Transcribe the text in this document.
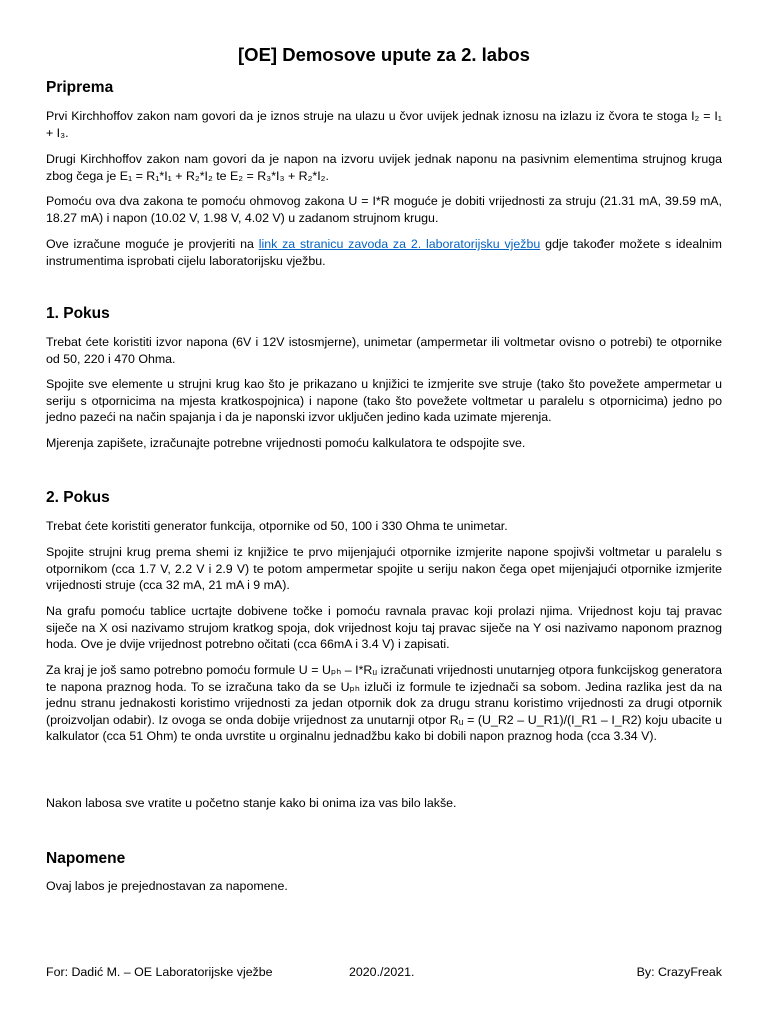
[OE] Demosove upute za 2. labos
Priprema

Prvi Kirchhoffov zakon nam govori da je iznos struje na ulazu u čvor uvijek jednak iznosu na izlazu iz čvora te stoga I₂ = I₁ + I₃.

Drugi Kirchhoffov zakon nam govori da je napon na izvoru uvijek jednak naponu na pasivnim elementima strujnog kruga zbog čega je E₁ = R₁*I₁ + R₂*I₂ te E₂ = R₃*I₃ + R₂*I₂.

Pomoću ova dva zakona te pomoću ohmovog zakona U = I*R moguće je dobiti vrijednosti za struju (21.31 mA, 39.59 mA, 18.27 mA) i napon (10.02 V, 1.98 V, 4.02 V) u zadanom strujnom krugu.

Ove izračune moguće je provjeriti na link za stranicu zavoda za 2. laboratorijsku vježbu gdje također možete s idealnim instrumentima isprobati cijelu laboratorijsku vježbu.

1. Pokus

Trebat ćete koristiti izvor napona (6V i 12V istosmjerne), unimetar (ampermetar ili voltmetar ovisno o potrebi) te otpornike od 50, 220 i 470 Ohma.

Spojite sve elemente u strujni krug kao što je prikazano u knjižici te izmjerite sve struje (tako što povežete ampermetar u seriju s otpornicima na mjesta kratkospojnica) i napone (tako što povežete voltmetar u paralelu s otpornicima) jedno po jedno pazeći na način spajanja i da je naponski izvor uključen jedino kada uzimate mjerenja.

Mjerenja zapišete, izračunajte potrebne vrijednosti pomoću kalkulatora te odspojite sve.

2. Pokus

Trebat ćete koristiti generator funkcija, otpornike od 50, 100 i 330 Ohma te unimetar.

Spojite strujni krug prema shemi iz knjižice te prvo mijenjajući otpornike izmjerite napone spojivši voltmetar u paralelu s otpornikom (cca 1.7 V, 2.2 V i 2.9 V) te potom ampermetar spojite u seriju nakon čega opet mijenjajući otpornike izmjerite vrijednosti struje (cca 32 mA, 21 mA i 9 mA).

Na grafu pomoću tablice ucrtajte dobivene točke i pomoću ravnala pravac koji prolazi njima. Vrijednost koju taj pravac siječe na X osi nazivamo strujom kratkog spoja, dok vrijednost koju taj pravac siječe na Y osi nazivamo naponom praznog hoda. Ove je dvije vrijednost potrebno očitati (cca 66mA i 3.4 V) i zapisati.

Za kraj je još samo potrebno pomoću formule U = Uₚₕ – I*Rᵤ izračunati vrijednosti unutarnjeg otpora funkcijskog generatora te napona praznog hoda. To se izračuna tako da se Uₚₕ izluči iz formule te izjednači sa sobom. Jedina razlika jest da na jednu stranu jednakosti koristimo vrijednosti za jedan otpornik dok za drugu stranu koristimo vrijednosti za drugi otpornik (proizvoljan odabir). Iz ovoga se onda dobije vrijednost za unutarnji otpor Rᵤ = (U_R2 – U_R1)/(I_R1 – I_R2) koju ubacite u kalkulator (cca 51 Ohm) te onda uvrstite u orginalnu jednadžbu kako bi dobili napon praznog hoda (cca 3.34 V).

Nakon labosa sve vratite u početno stanje kako bi onima iza vas bilo lakše.

Napomene

Ovaj labos je prejednostavan za napomene.

For: Dadić M. – OE Laboratorijske vježbe	2020./2021.	By: CrazyFreak
